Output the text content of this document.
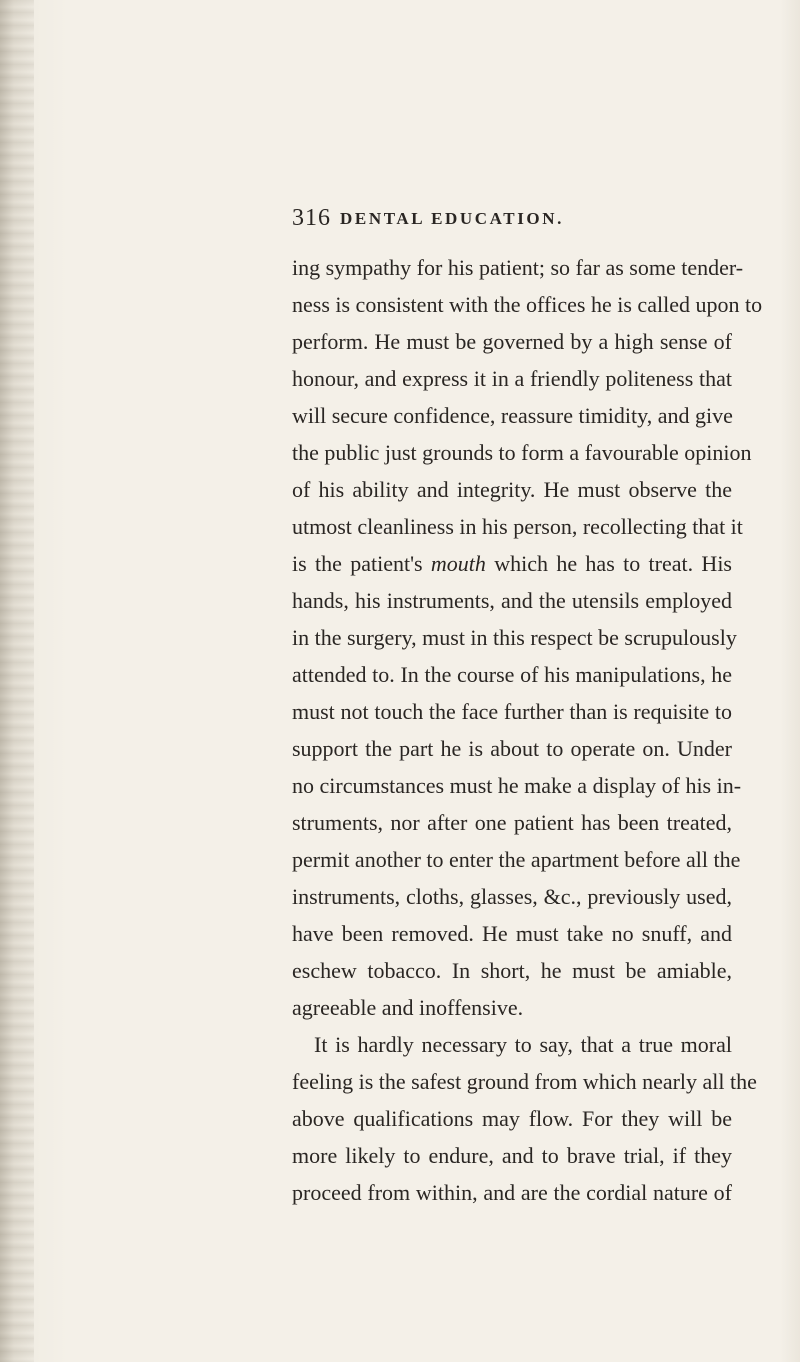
316 DENTAL EDUCATION.
ing sympathy for his patient; so far as some tender-
ness is consistent with the offices he is called upon to
perform. He must be governed by a high sense of
honour, and express it in a friendly politeness that
will secure confidence, reassure timidity, and give
the public just grounds to form a favourable opinion
of his ability and integrity. He must observe the
utmost cleanliness in his person, recollecting that it
is the patient's mouth which he has to treat. His
hands, his instruments, and the utensils employed
in the surgery, must in this respect be scrupulously
attended to. In the course of his manipulations, he
must not touch the face further than is requisite to
support the part he is about to operate on. Under
no circumstances must he make a display of his in-
struments, nor after one patient has been treated,
permit another to enter the apartment before all the
instruments, cloths, glasses, &c., previously used,
have been removed. He must take no snuff, and
eschew tobacco. In short, he must be amiable,
agreeable and inoffensive.
It is hardly necessary to say, that a true moral
feeling is the safest ground from which nearly all the
above qualifications may flow. For they will be
more likely to endure, and to brave trial, if they
proceed from within, and are the cordial nature of
